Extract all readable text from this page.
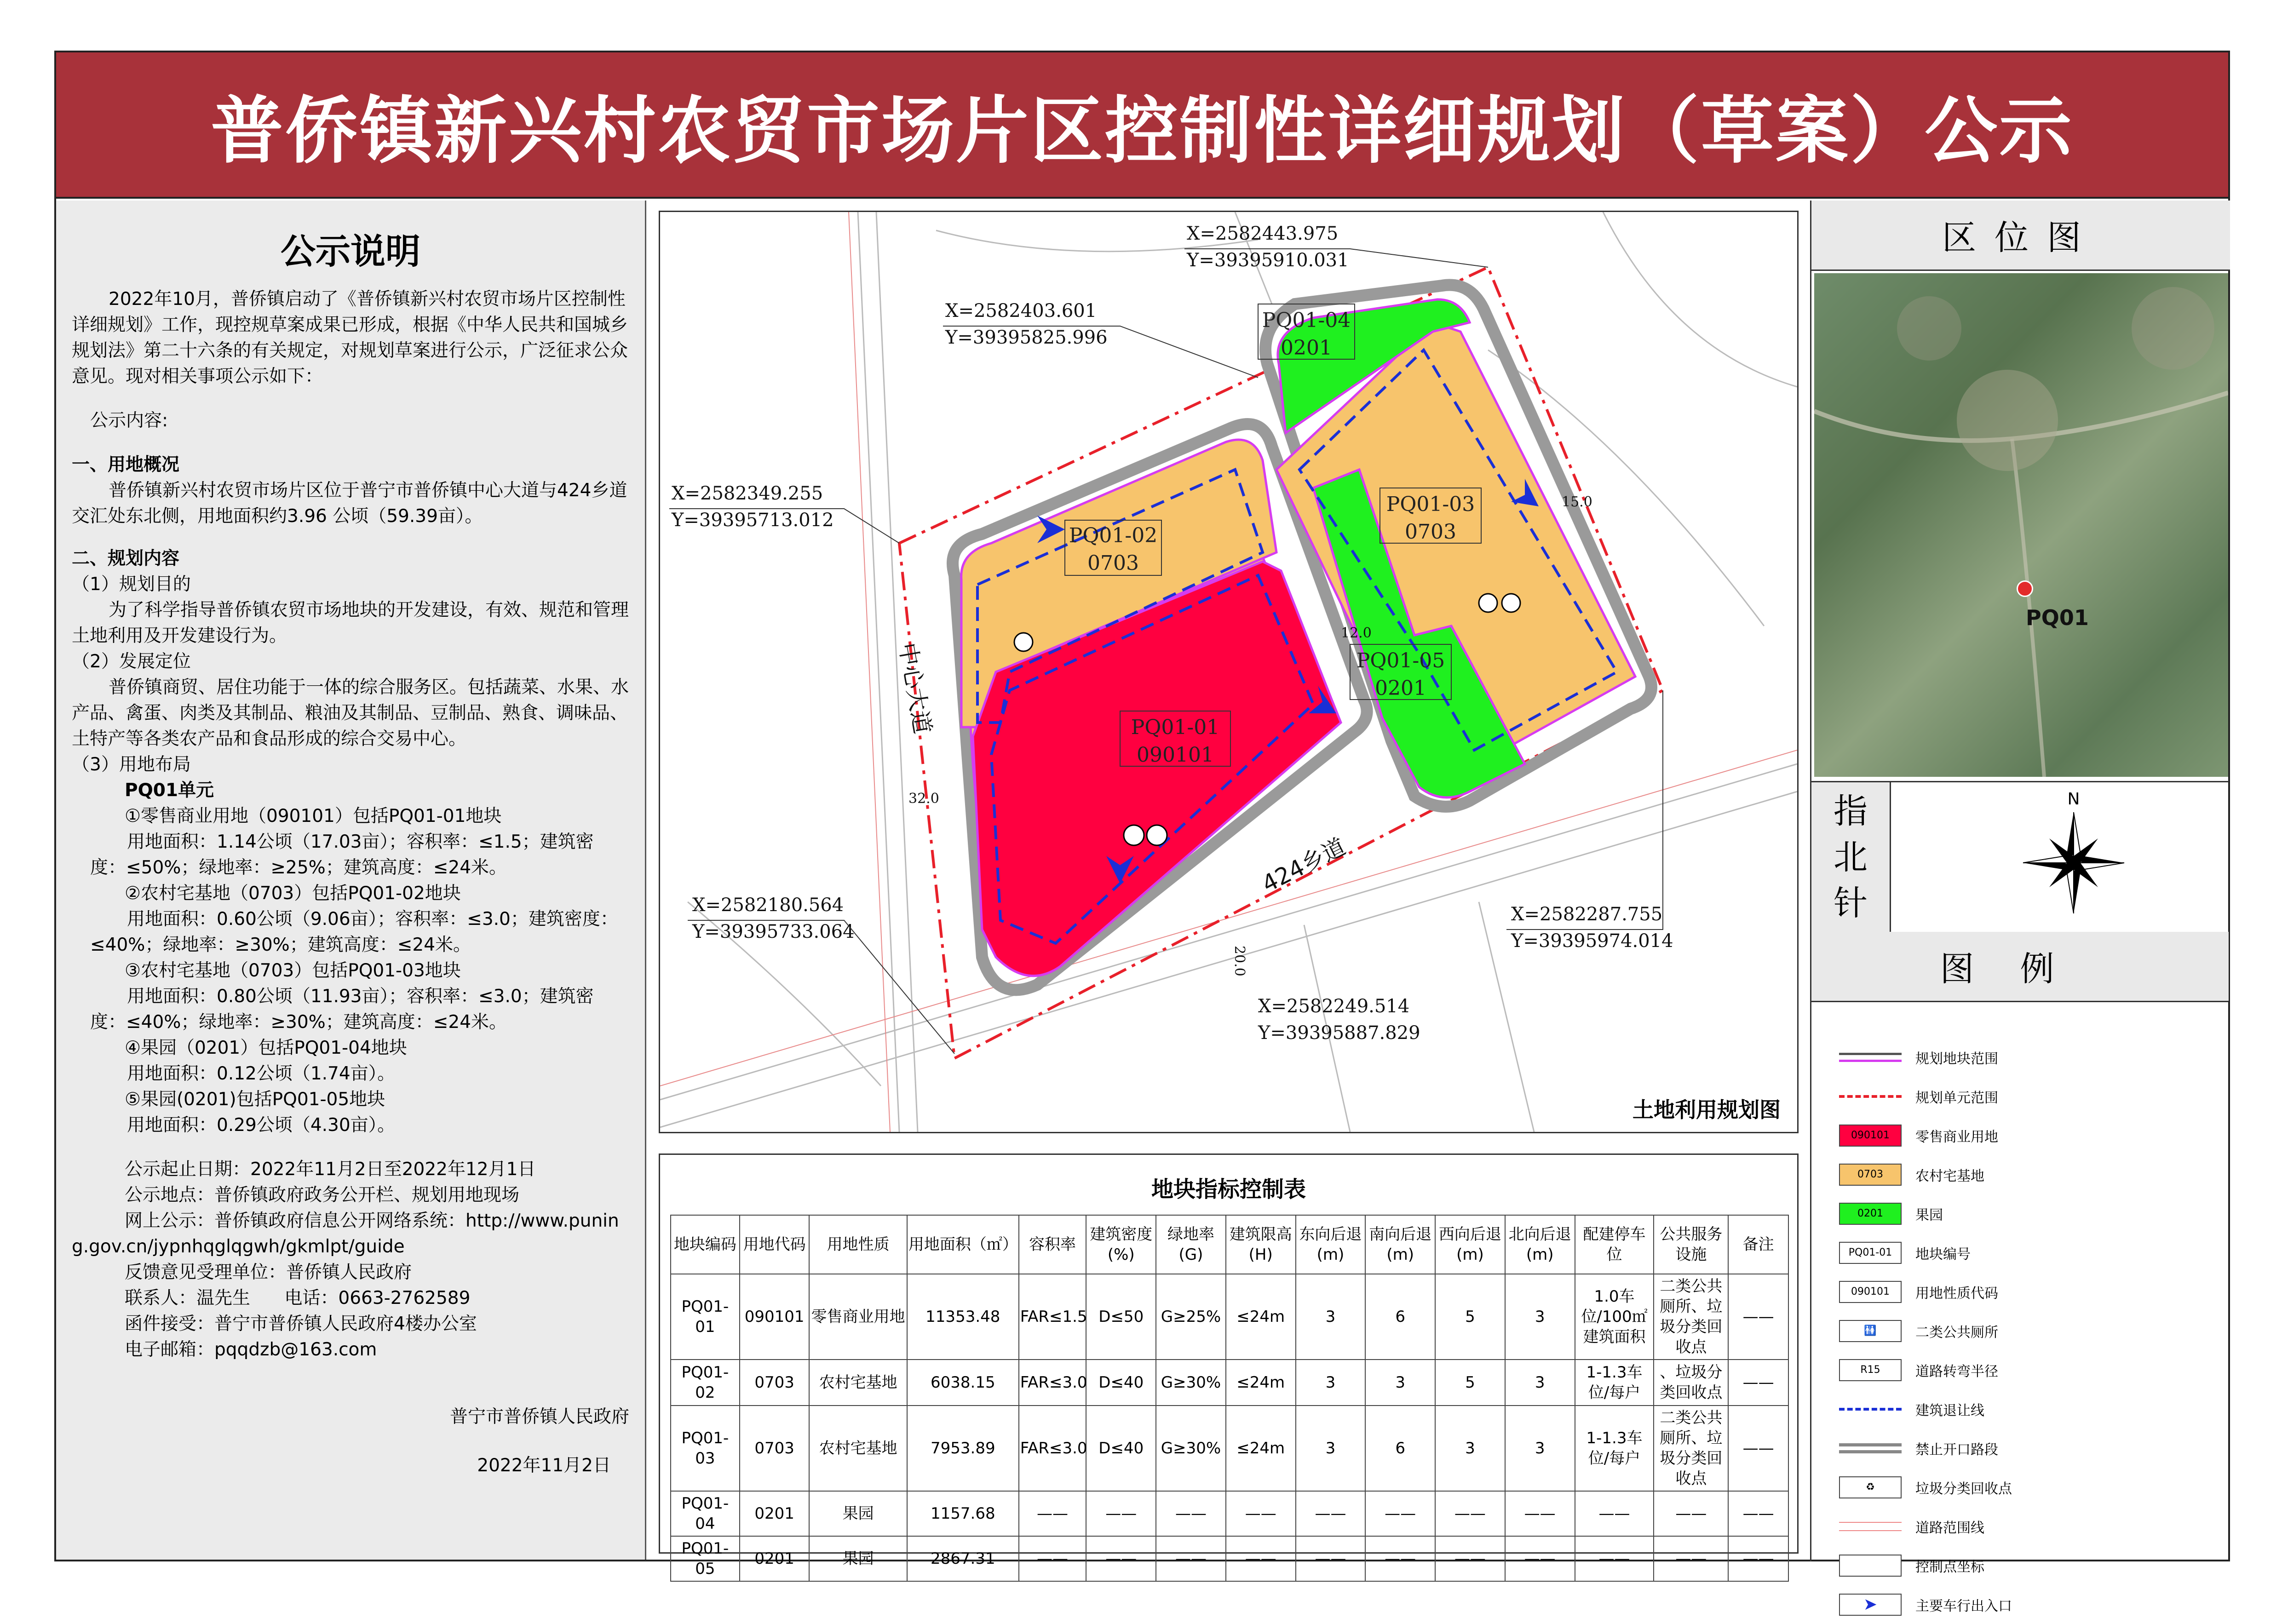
普侨镇新兴村农贸市场片区控制性详细规划（草案）公示
公示说明

2022年10月，普侨镇启动了《普侨镇新兴村农贸市场片区控制性详细规划》工作，现控规草案成果已形成，根据《中华人民共和国城乡规划法》第二十六条的有关规定，对规划草案进行公示，广泛征求公众意见。现对相关事项公示如下：

公示内容:

一、用地概况

普侨镇新兴村农贸市场片区位于普宁市普侨镇中心大道与424乡道交汇处东北侧，用地面积约3.96 公顷（59.39亩）。

二、规划内容

（1）规划目的

为了科学指导普侨镇农贸市场地块的开发建设，有效、规范和管理土地利用及开发建设行为。

（2）发展定位

普侨镇商贸、居住功能于一体的综合服务区。包括蔬菜、水果、水产品、禽蛋、肉类及其制品、粮油及其制品、豆制品、熟食、调味品、土特产等各类农产品和食品形成的综合交易中心。

（3）用地布局

PQ01单元

①零售商业用地（090101）包括PQ01-01地块

用地面积：1.14公顷（17.03亩）；容积率：≤1.5；建筑密度：≤50%；绿地率：≥25%；建筑高度：≤24米。

②农村宅基地（0703）包括PQ01-02地块

用地面积：0.60公顷（9.06亩）；容积率：≤3.0；建筑密度：≤40%；绿地率：≥30%；建筑高度：≤24米。

③农村宅基地（0703）包括PQ01-03地块

用地面积：0.80公顷（11.93亩）；容积率：≤3.0；建筑密度：≤40%；绿地率：≥30%；建筑高度：≤24米。

④果园（0201）包括PQ01-04地块

用地面积：0.12公顷（1.74亩）。

⑤果园(0201)包括PQ01-05地块

用地面积：0.29公顷（4.30亩）。

公示起止日期：2022年11月2日至2022年12月1日

公示地点：普侨镇政府政务公开栏、规划用地现场

网上公示：普侨镇政府信息公开网络系统：http://www.puning.gov.cn/jypnhqglqgwh/gkmlpt/guide

反馈意见受理单位：普侨镇人民政府

联系人：温先生      电话：0663-2762589

函件接受：普宁市普侨镇人民政府4楼办公室

电子邮箱：pqqdzb@163.com

普宁市普侨镇人民政府

2022年11月2日

PQ01-02
0703
PQ01-01
090101
PQ01-03
0703
PQ01-04
0201
PQ01-05
0201
X=2582443.975
Y=39395910.031
X=2582403.601
Y=39395825.996
X=2582349.255
Y=39395713.012
X=2582180.564
Y=39395733.064
X=2582287.755
Y=39395974.014
X=2582249.514
Y=39395887.829
中心大道
424乡道
32.0
20.0
12.0
15.0
土地利用规划图
地块指标控制表
地块编码	用地代码	用地性质	用地面积（㎡）	容积率	建筑密度(%)	绿地率(G)	建筑限高(H)	东向后退(m)	南向后退(m)	西向后退(m)	北向后退(m)	配建停车位	公共服务设施	备注
PQ01-01	090101	零售商业用地	11353.48	FAR≤1.5	D≤50	G≥25%	≤24m	3	6	5	3	1.0车位/100㎡建筑面积	二类公共厕所、垃圾分类回收点	——
PQ01-02	0703	农村宅基地	6038.15	FAR≤3.0	D≤40	G≥30%	≤24m	3	3	5	3	1-1.3车位/每户	、垃圾分类回收点	——
PQ01-03	0703	农村宅基地	7953.89	FAR≤3.0	D≤40	G≥30%	≤24m	3	6	3	3	1-1.3车位/每户	二类公共厕所、垃圾分类回收点	——
PQ01-04	0201	果园	1157.68	——	——	——	——	——	——	——	——	——	——	——
PQ01-05	0201	果园	2867.31	——	——	——	——	——	——	——	——	——	——	——
区位图
PQ01
指
北
针
N
图例
规划地块范围
规划单元范围
090101	零售商业用地
0703	农村宅基地
0201	果园
PQ01-01	地块编号
090101	用地性质代码
🚻	二类公共厕所
R15	道路转弯半径
建筑退让线
禁止开口路段
♻	垃圾分类回收点
道路范围线
控制点坐标
➤	主要车行出入口
